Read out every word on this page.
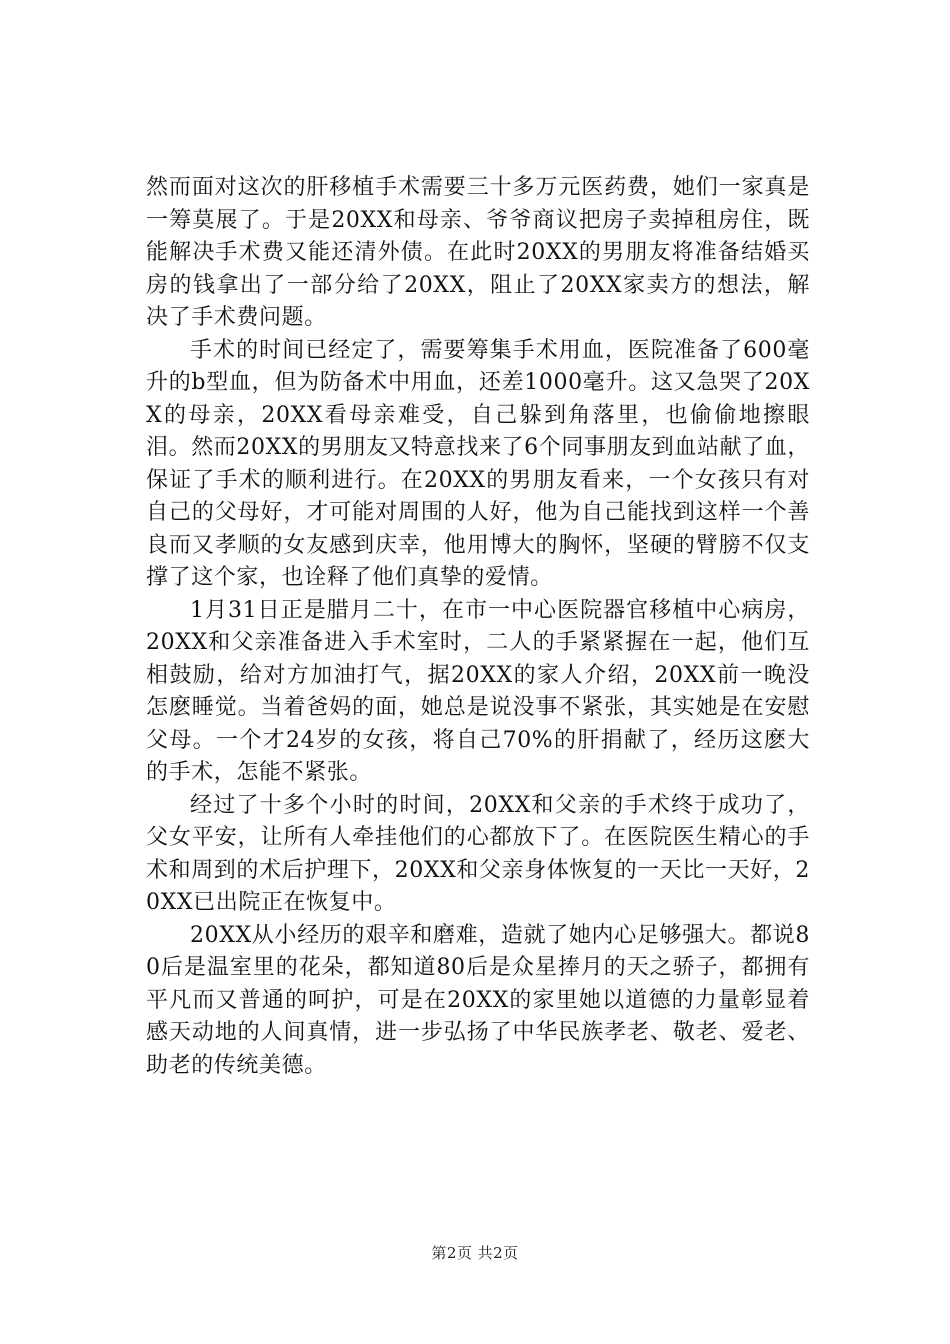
然而面对这次的肝移植手术需要三十多万元医药费，她们一家真是一筹莫展了。于是20XX和母亲、爷爷商议把房子卖掉租房住，既能解决手术费又能还清外债。在此时20XX的男朋友将准备结婚买房的钱拿出了一部分给了20XX，阻止了20XX家卖方的想法，解决了手术费问题。

手术的时间已经定了，需要筹集手术用血，医院准备了600毫升的b型血，但为防备术中用血，还差1000毫升。这又急哭了20XX的母亲，20XX看母亲难受，自己躲到角落里，也偷偷地擦眼泪。然而20XX的男朋友又特意找来了6个同事朋友到血站献了血，保证了手术的顺利进行。在20XX的男朋友看来，一个女孩只有对自己的父母好，才可能对周围的人好，他为自己能找到这样一个善良而又孝顺的女友感到庆幸，他用博大的胸怀，坚硬的臂膀不仅支撑了这个家，也诠释了他们真挚的爱情。

1月31日正是腊月二十，在市一中心医院器官移植中心病房，20XX和父亲准备进入手术室时，二人的手紧紧握在一起，他们互相鼓励，给对方加油打气，据20XX的家人介绍，20XX前一晚没怎麽睡觉。当着爸妈的面，她总是说没事不紧张，其实她是在安慰父母。一个才24岁的女孩，将自己70%的肝捐献了，经历这麽大的手术，怎能不紧张。

经过了十多个小时的时间，20XX和父亲的手术终于成功了，父女平安，让所有人牵挂他们的心都放下了。在医院医生精心的手术和周到的术后护理下，20XX和父亲身体恢复的一天比一天好，20XX已出院正在恢复中。

20XX从小经历的艰辛和磨难，造就了她内心足够强大。都说80后是温室里的花朵，都知道80后是众星捧月的天之骄子，都拥有平凡而又普通的呵护，可是在20XX的家里她以道德的力量彰显着感天动地的人间真情，进一步弘扬了中华民族孝老、敬老、爱老、助老的传统美德。

第2页 共2页
